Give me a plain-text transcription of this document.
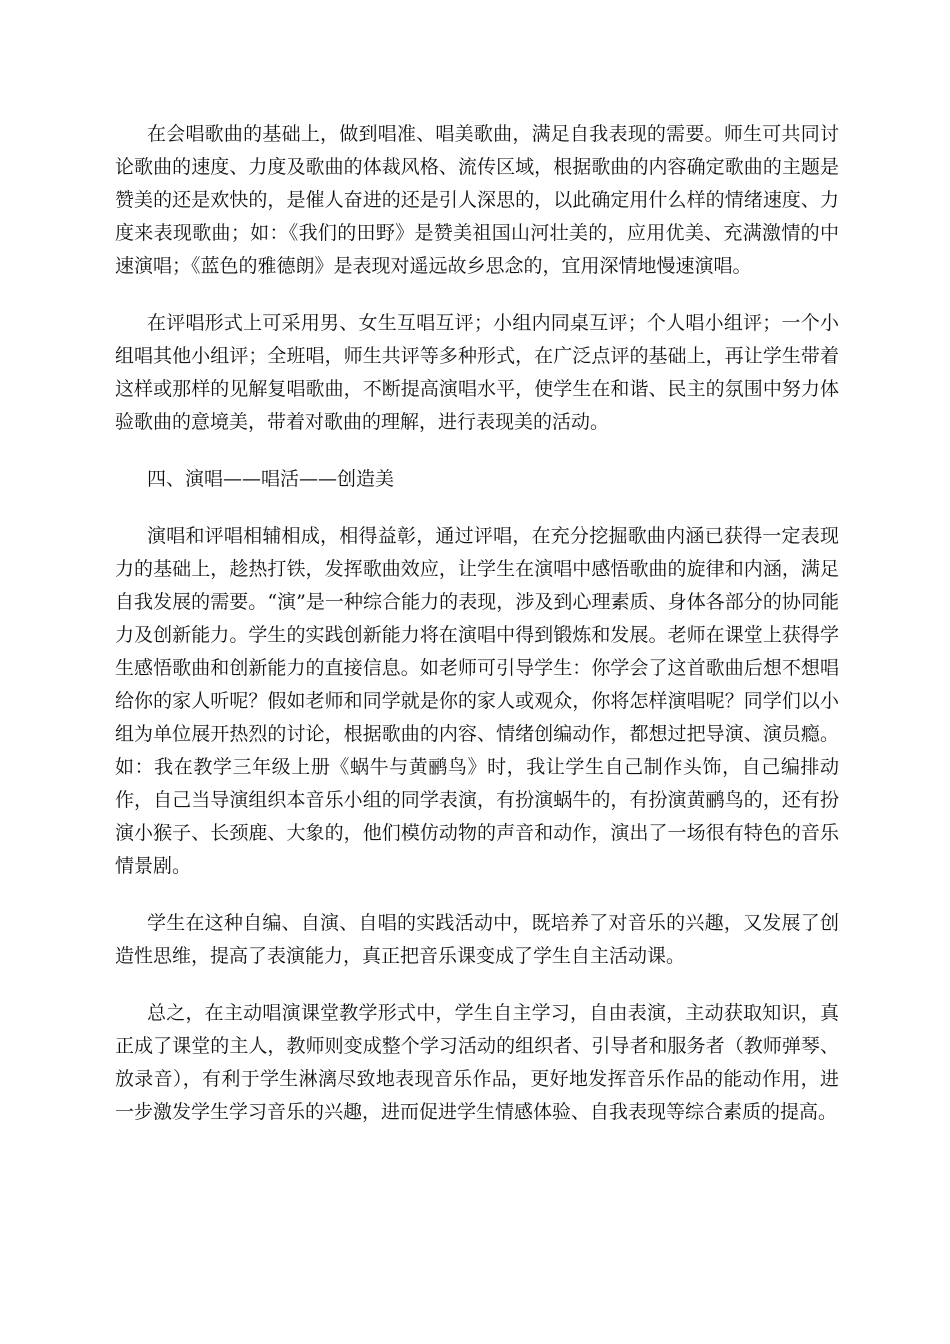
在会唱歌曲的基础上，做到唱准、唱美歌曲，满足自我表现的需要。师生可共同讨论歌曲的速度、力度及歌曲的体裁风格、流传区域，根据歌曲的内容确定歌曲的主题是赞美的还是欢快的，是催人奋进的还是引人深思的，以此确定用什么样的情绪速度、力度来表现歌曲；如：《我们的田野》是赞美祖国山河壮美的，应用优美、充满激情的中速演唱；《蓝色的雅德朗》是表现对遥远故乡思念的，宜用深情地慢速演唱。

在评唱形式上可采用男、女生互唱互评；小组内同桌互评；个人唱小组评；一个小组唱其他小组评；全班唱，师生共评等多种形式，在广泛点评的基础上，再让学生带着这样或那样的见解复唱歌曲，不断提高演唱水平，使学生在和谐、民主的氛围中努力体验歌曲的意境美，带着对歌曲的理解，进行表现美的活动。

四、演唱——唱活——创造美

演唱和评唱相辅相成，相得益彰，通过评唱，在充分挖掘歌曲内涵已获得一定表现力的基础上，趁热打铁，发挥歌曲效应，让学生在演唱中感悟歌曲的旋律和内涵，满足自我发展的需要。“演”是一种综合能力的表现，涉及到心理素质、身体各部分的协同能力及创新能力。学生的实践创新能力将在演唱中得到锻炼和发展。老师在课堂上获得学生感悟歌曲和创新能力的直接信息。如老师可引导学生：你学会了这首歌曲后想不想唱给你的家人听呢？假如老师和同学就是你的家人或观众，你将怎样演唱呢？同学们以小组为单位展开热烈的讨论，根据歌曲的内容、情绪创编动作，都想过把导演、演员瘾。如：我在教学三年级上册《蜗牛与黄鹂鸟》时，我让学生自己制作头饰，自己编排动作，自己当导演组织本音乐小组的同学表演，有扮演蜗牛的，有扮演黄鹂鸟的，还有扮演小猴子、长颈鹿、大象的，他们模仿动物的声音和动作，演出了一场很有特色的音乐情景剧。

学生在这种自编、自演、自唱的实践活动中，既培养了对音乐的兴趣，又发展了创造性思维，提高了表演能力，真正把音乐课变成了学生自主活动课。

总之，在主动唱演课堂教学形式中，学生自主学习，自由表演，主动获取知识，真正成了课堂的主人，教师则变成整个学习活动的组织者、引导者和服务者（教师弹琴、放录音），有利于学生淋漓尽致地表现音乐作品，更好地发挥音乐作品的能动作用，进一步激发学生学习音乐的兴趣，进而促进学生情感体验、自我表现等综合素质的提高。
